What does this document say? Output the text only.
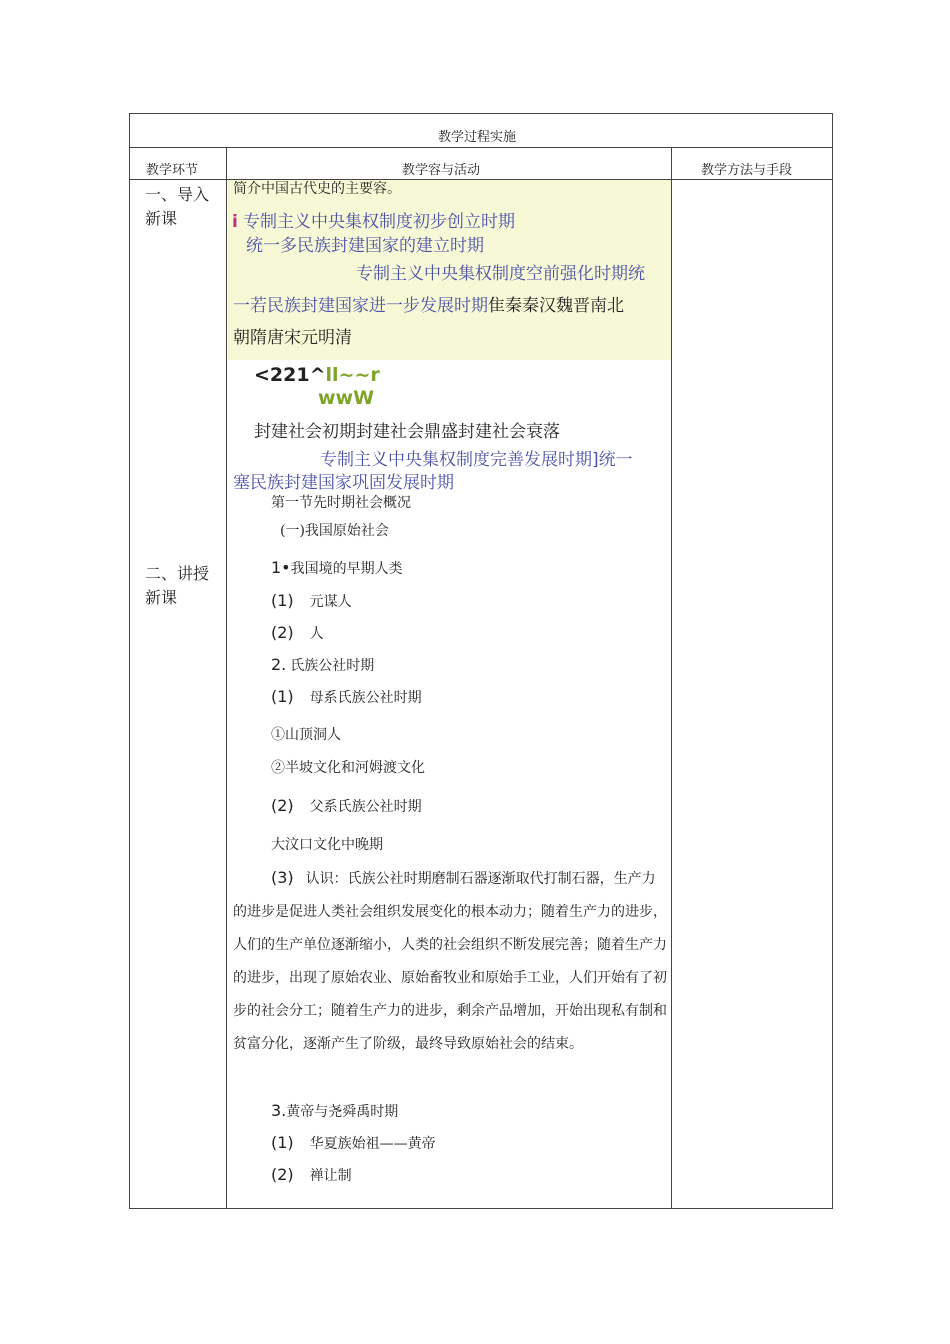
教学过程实施
教学环节	教学容与活动	教学方法与手段
一、导入
新课
二、讲授
新课
简介中国古代史的主要容。
i 专制主义中央集权制度初步创立时期
统一多民族封建国家的建立时期
专制主义中央集权制度空前强化时期统
一若民族封建国家进一步发展时期隹秦秦汉魏晋南北
朝隋唐宋元明清
<221^ll~~r
wwW
封建社会初期封建社会鼎盛封建社会衰落
专制主义中央集权制度完善发展时期]统一
塞民族封建国家巩固发展时期
第一节先时期社会概况
(一)我国原始社会
1•我国境的早期人类
(1) 元谋人
(2) 人
2. 氏族公社时期
(1) 母系氏族公社时期
①山顶洞人
②半坡文化和河姆渡文化
(2) 父系氏族公社时期
大汶口文化中晚期
(3) 认识：氏族公社时期磨制石器逐渐取代打制石器，生产力的进步是促进人类社会组织发展变化的根本动力；随着生产力的进步，人们的生产单位逐渐缩小，人类的社会组织不断发展完善；随着生产力的进步，出现了原始农业、原始畜牧业和原始手工业，人们开始有了初步的社会分工；随着生产力的进步，剩余产品增加，开始出现私有制和贫富分化，逐渐产生了阶级，最终导致原始社会的结束。
3.黄帝与尧舜禹时期
(1) 华夏族始祖——黄帝
(2) 禅让制
